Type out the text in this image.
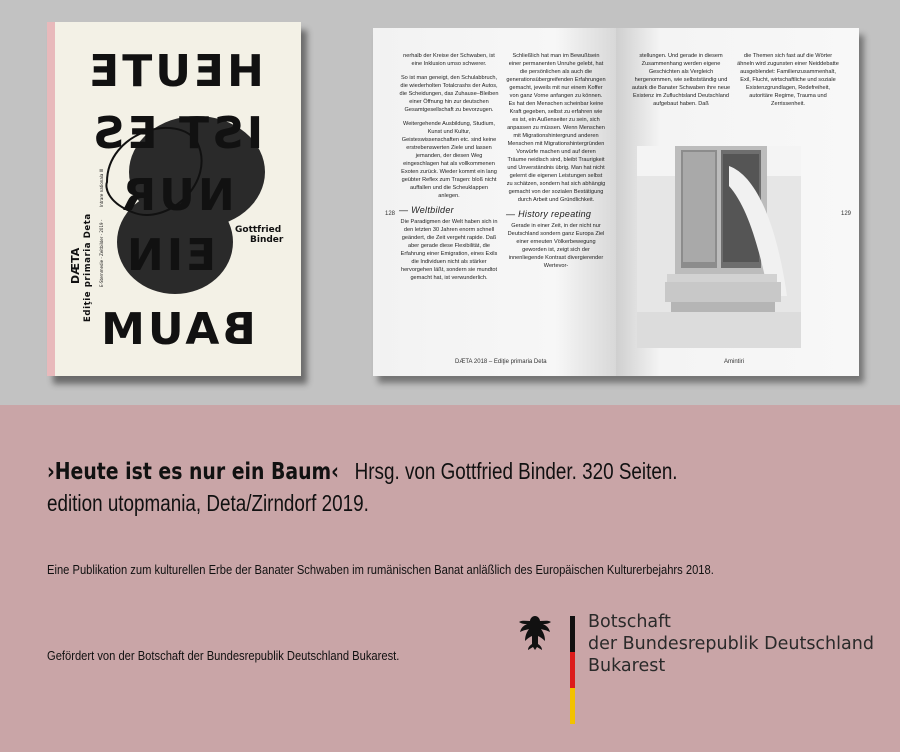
HEUTE
IST ES
NUR
EIN
BAUM
DÆTA Ediţie primaria Deta
Intrare nationala III
E-Sternmedie - Zeitbilder - 2019 -	Gottfried
Binder

nerhalb der Kreise der Schwaben, ist eine Inklusion umso schwerer.

So ist man geneigt, den Schulabbruch, die wiederholten Totalcrashs der Autos, die Scheidungen, das Zuhause–Bleiben einer Öffnung hin zur deutschen Gesamtgesellschaft zu bevorzugen.

Weitergehende Ausbildung, Studium, Kunst und Kultur, Geisteswissenschaften etc. sind keine erstrebenswerten Ziele und lassen jemanden, der diesen Weg eingeschlagen hat als vollkommenen Exoten zurück. Wieder kommt ein lang geübter Reflex zum Tragen: bloß nicht auffallen und die Scheuklappen anlegen.

— Weltbilder

Die Paradigmen der Welt haben sich in den letzten 30 Jahren enorm schnell geändert, die Zeit vergeht rapide. Daß aber gerade diese Flexibilität, die Erfahrung einer Emigration, eines Exils die Individuen nicht als stärker hervorgehen läßt, sondern sie mundtot gemacht hat, ist verwunderlich.

Schließlich hat man im Bewußtsein einer permanenten Unruhe gelebt, hat die persönlichen als auch die generationsübergreifenden Erfahrungen gemacht, jeweils mit nur einem Koffer von ganz Vorne anfangen zu können. Es hat den Menschen scheinbar keine Kraft gegeben, selbst zu erfahren wie es ist, ein Außenseiter zu sein, sich anpassen zu müssen. Wenn Menschen mit Migrationshintergrund anderen Menschen mit Migrationshintergründen Vorwürfe machen und auf deren Träume neidisch sind, bleibt Traurigkeit und Unverständnis übrig. Man hat nicht gelernt die eigenen Leistungen selbst zu schätzen, sondern hat sich abhängig gemacht von der sozialen Bestätigung durch Arbeit und Gründlichkeit.

— History repeating

Gerade in einer Zeit, in der nicht nur Deutschland sondern ganz Europa Ziel einer erneuten Völkerbewegung geworden ist, zeigt sich der innenliegende Kontrast divergierender Wertevor-

128
DÆTA 2018 – Ediţie primaria Deta

stellungen. Und gerade in diesem Zusammenhang werden eigene Geschichten als Vergleich hergenommen, wie selbstständig und autark die Banater Schwaben ihre neue Existenz im Zufluchtsland Deutschland aufgebaut haben. Daß

die Themen sich fast auf die Wörter ähneln wird zugunsten einer Neiddebatte ausgeblendet: Familienzusammenhalt, Exil, Flucht, wirtschaftliche und soziale Existenzgrundlagen, Redefreiheit, autoritäre Regime, Trauma und Zerrissenheit.

129
Amintiri
›Heute ist es nur ein Baum‹ Hrsg. von Gottfried Binder. 320 Seiten.
edition utopmania, Deta/Zirndorf 2019.
Eine Publikation zum kulturellen Erbe der Banater Schwaben im rumänischen Banat anläßlich des Europäischen Kulturerbejahrs 2018.
Gefördert von der Botschaft der Bundesrepublik Deutschland Bukarest.
Botschaft
der Bundesrepublik Deutschland
Bukarest
